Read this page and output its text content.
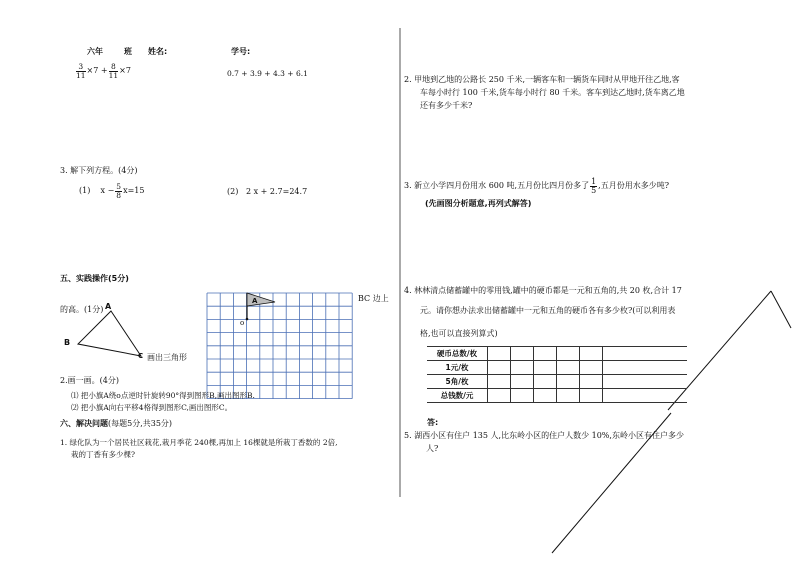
六年	班 姓名:	学号:
$\frac{3}{11} \times 7 + \frac{8}{11} \times 7$	0.7 + 3.9 + 4.3 + 6.1
3. 解下列方程。(4分)
(1) $x - \frac{5}{8} x=15$	(2) 2 x + 2.7=24.7
五、实践操作(5分)
的高。(1分)
BC 边上
A
B
C 画出三角形
A
o
2.画一画。(4分)
⑴ 把小旗A绕o点逆时针旋转90°得到图形B,画出图形B.
⑵ 把小旗A向右平移4格得到图形C,画出图形C。
六、解决问题(每题5分,共35分)
1. 绿化队为一个居民社区栽花,栽月季花 240棵,再加上 16棵就是所栽丁香数的 2倍,
栽的丁香有多少棵?
2. 甲地到乙地的公路长 250 千米,一辆客车和一辆货车同时从甲地开往乙地,客
车每小时行 100 千米,货车每小时行 80 千米。客车到达乙地时,货车离乙地
还有多少千米?
3. 新立小学四月份用水 600 吨,五月份比四月份多了 $\frac{1}{5}$ ,五月份用水多少吨?
(先画图分析题意,再列式解答)
4. 林林清点储蓄罐中的零用钱,罐中的硬币都是一元和五角的,共 20 枚,合计 17
元。请你想办法求出储蓄罐中一元和五角的硬币各有多少枚?(可以利用表
格,也可以直接列算式)
硬币总数/枚						
1元/枚						
5角/枚						
总钱数/元						
答:
5. 湖西小区有住户 135 人,比东岭小区的住户人数少 10%,东岭小区有住户多少
人?
